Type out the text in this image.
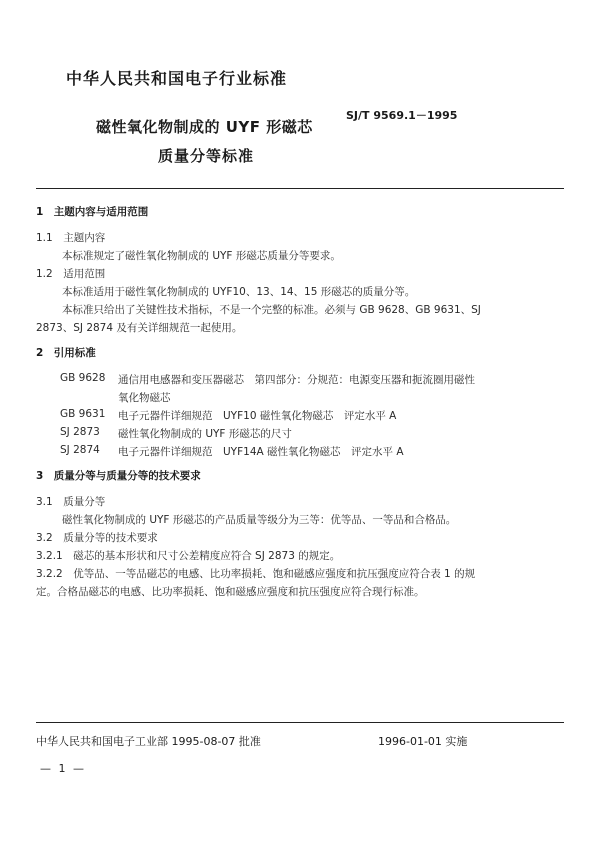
中华人民共和国电子行业标准
磁性氧化物制成的 UYF 形磁芯
质量分等标准
SJ/T 9569.1－1995
1　主题内容与适用范围
1.1　主题内容
本标准规定了磁性氧化物制成的 UYF 形磁芯质量分等要求。
1.2　适用范围
本标准适用于磁性氧化物制成的 UYF10、13、14、15 形磁芯的质量分等。
本标准只给出了关键性技术指标，不是一个完整的标准。必须与 GB 9628、GB 9631、SJ
2873、SJ 2874 及有关详细规范一起使用。
2　引用标准
GB 9628 通信用电感器和变压器磁芯　第四部分：分规范：电源变压器和扼流圈用磁性
氧化物磁芯
GB 9631 电子元器件详细规范　UYF10 磁性氧化物磁芯　评定水平 A
SJ 2873 磁性氧化物制成的 UYF 形磁芯的尺寸
SJ 2874 电子元器件详细规范　UYF14A 磁性氧化物磁芯　评定水平 A
3　质量分等与质量分等的技术要求
3.1　质量分等
磁性氧化物制成的 UYF 形磁芯的产品质量等级分为三等：优等品、一等品和合格品。
3.2　质量分等的技术要求
3.2.1　磁芯的基本形状和尺寸公差精度应符合 SJ 2873 的规定。
3.2.2　优等品、一等品磁芯的电感、比功率损耗、饱和磁感应强度和抗压强度应符合表 1 的规
定。合格品磁芯的电感、比功率损耗、饱和磁感应强度和抗压强度应符合现行标准。
中华人民共和国电子工业部 1995-08-07 批准	1996-01-01 实施
— 1 —
